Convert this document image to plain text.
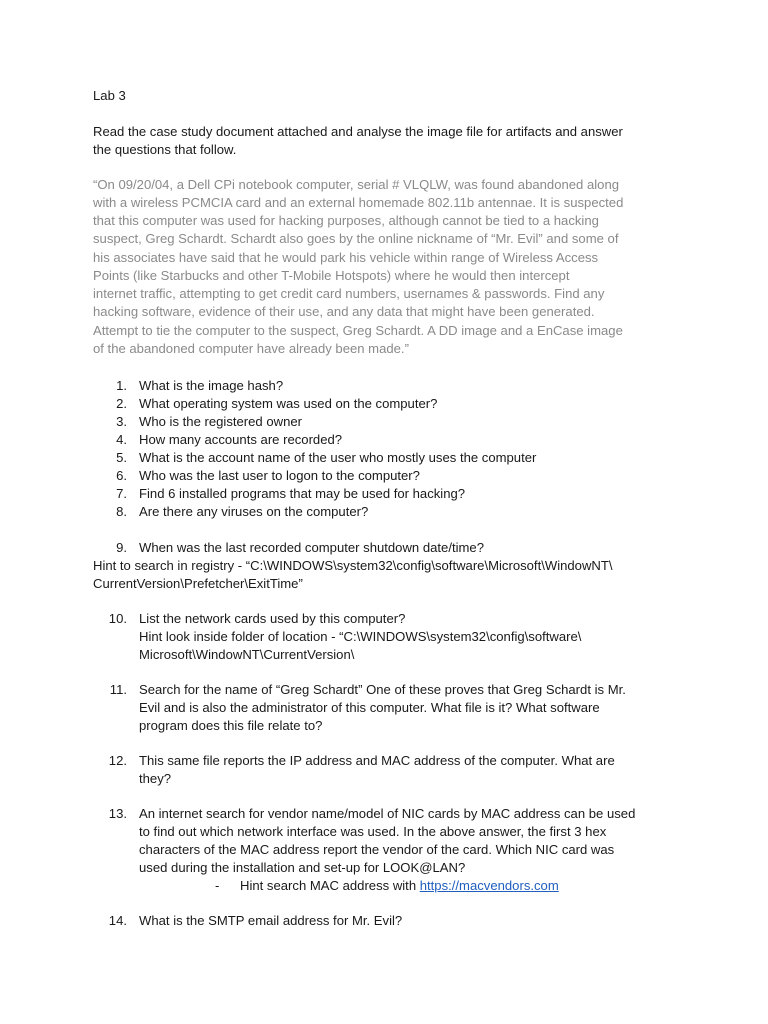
Lab 3
Read the case study document attached and analyse the image file for artifacts and answer
the questions that follow.
“On 09/20/04, a Dell CPi notebook computer, serial # VLQLW, was found abandoned along
with a wireless PCMCIA card and an external homemade 802.11b antennae. It is suspected
that this computer was used for hacking purposes, although cannot be tied to a hacking
suspect, Greg Schardt. Schardt also goes by the online nickname of “Mr. Evil” and some of
his associates have said that he would park his vehicle within range of Wireless Access
Points (like Starbucks and other T-Mobile Hotspots) where he would then intercept
internet traffic, attempting to get credit card numbers, usernames & passwords. Find any
hacking software, evidence of their use, and any data that might have been generated.
Attempt to tie the computer to the suspect, Greg Schardt. A DD image and a EnCase image
of the abandoned computer have already been made.”
1. What is the image hash?
2. What operating system was used on the computer?
3. Who is the registered owner
4. How many accounts are recorded?
5. What is the account name of the user who mostly uses the computer
6. Who was the last user to logon to the computer?
7. Find 6 installed programs that may be used for hacking?
8. Are there any viruses on the computer?
9. When was the last recorded computer shutdown date/time?
Hint to search in registry - “C:\WINDOWS\system32\config\software\Microsoft\WindowNT\
CurrentVersion\Prefetcher\ExitTime”
10. List the network cards used by this computer?
Hint look inside folder of location - “C:\WINDOWS\system32\config\software\
Microsoft\WindowNT\CurrentVersion\
11. Search for the name of “Greg Schardt” One of these proves that Greg Schardt is Mr.
Evil and is also the administrator of this computer. What file is it? What software
program does this file relate to?
12. This same file reports the IP address and MAC address of the computer. What are
they?
13. An internet search for vendor name/model of NIC cards by MAC address can be used
to find out which network interface was used. In the above answer, the first 3 hex
characters of the MAC address report the vendor of the card. Which NIC card was
used during the installation and set-up for LOOK@LAN?
- Hint search MAC address with https://macvendors.com
14. What is the SMTP email address for Mr. Evil?
